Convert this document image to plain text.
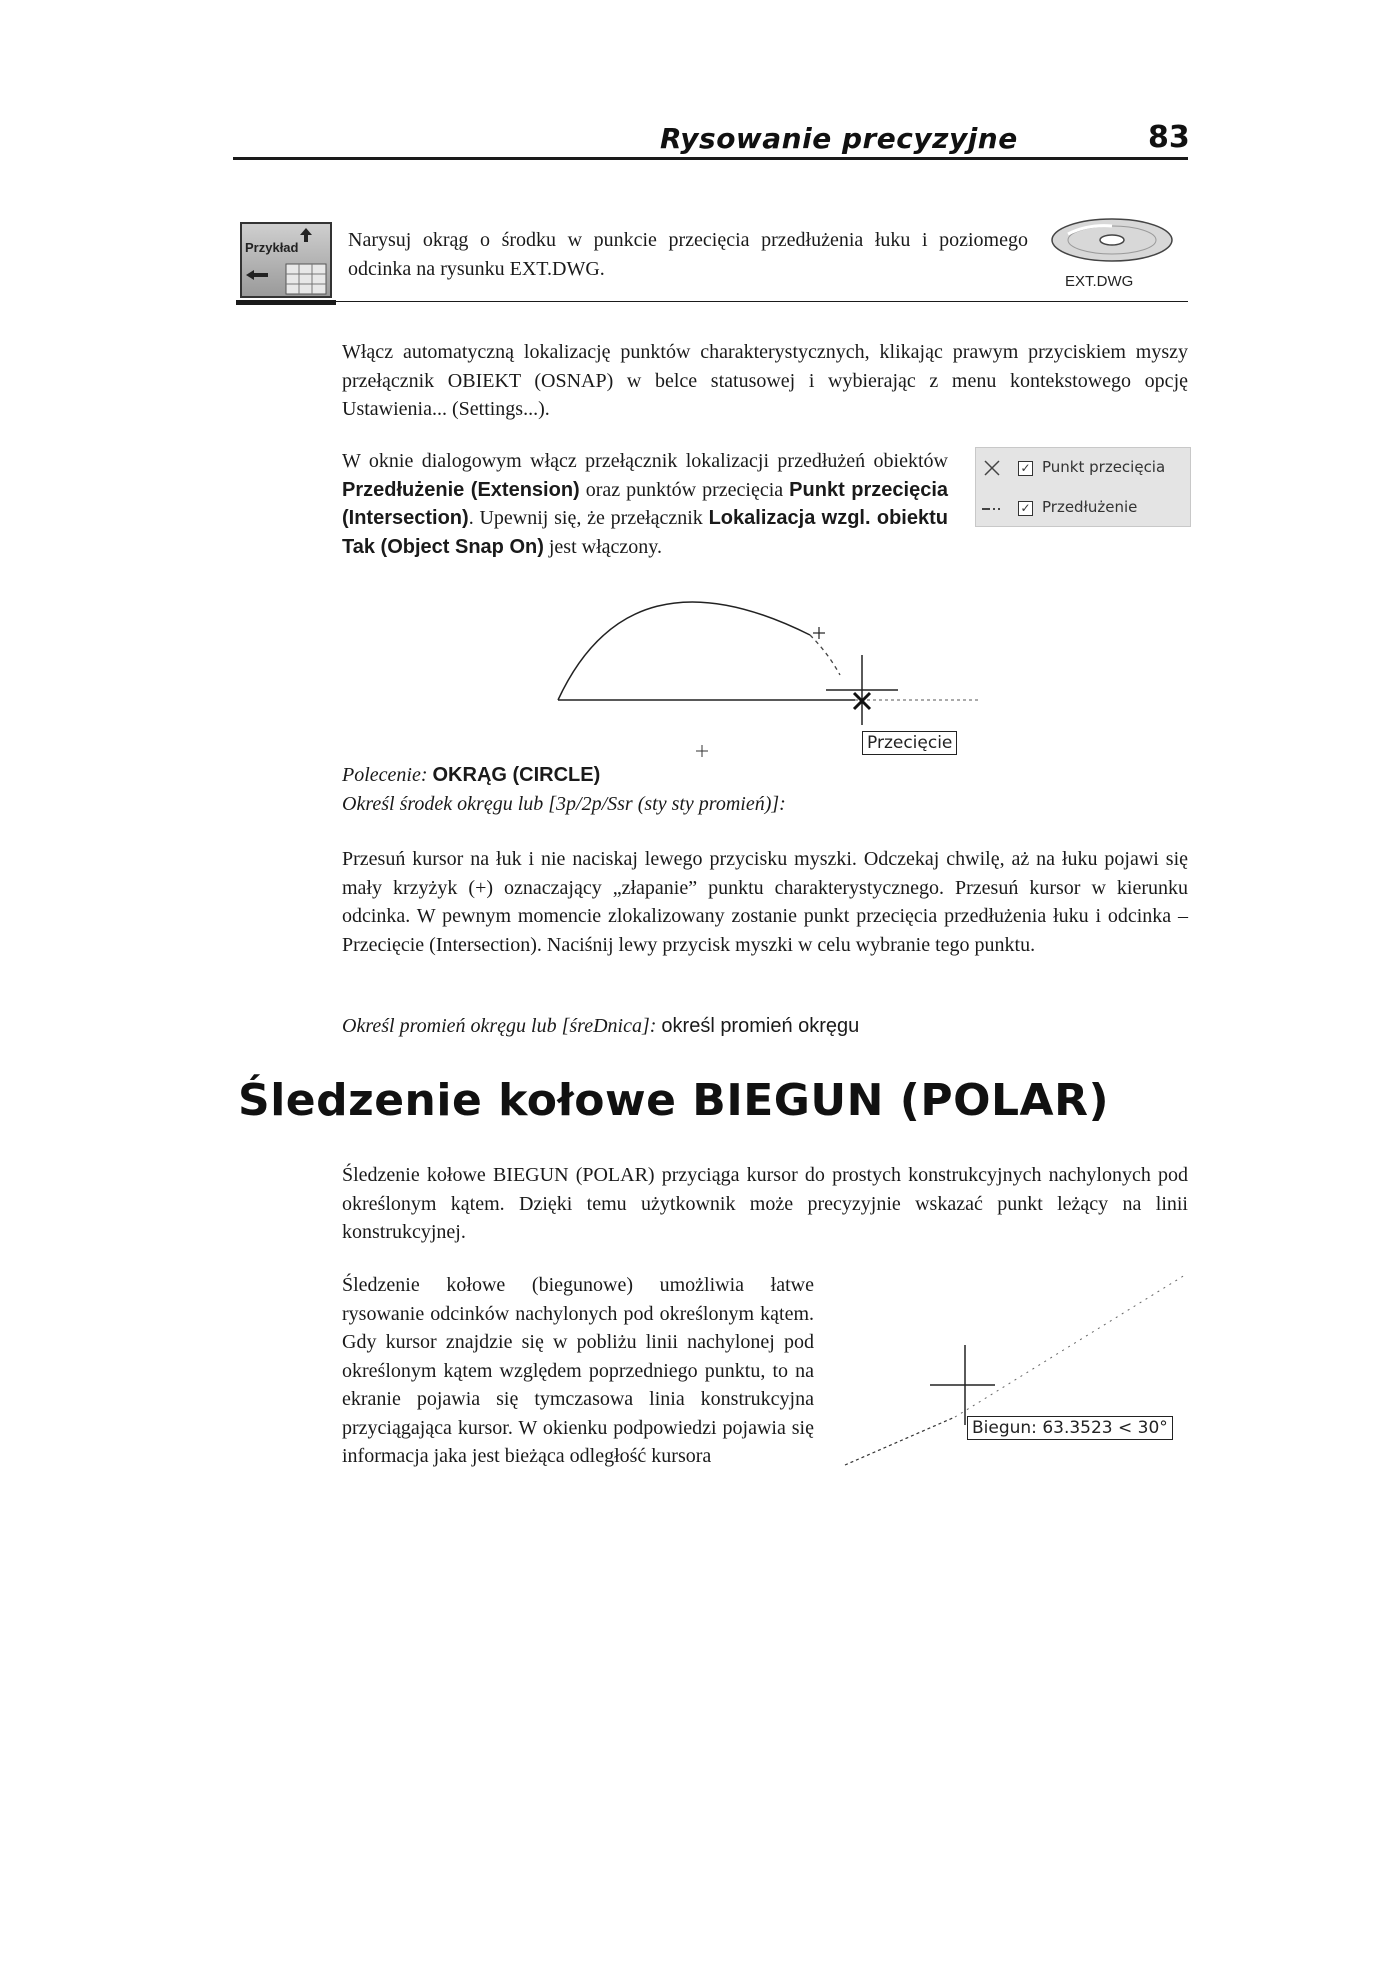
Rysowanie precyzyjne	83
Przykład Narysuj okrąg o środku w punkcie przecięcia przedłużenia łuku i poziomego odcinka na rysunku EXT.DWG.
EXT.DWG
Włącz automatyczną lokalizację punktów charakterystycznych, klikając prawym przyciskiem myszy przełącznik OBIEKT (OSNAP) w belce statusowej i wybierając z menu kontekstowego opcję Ustawienia... (Settings...).
W oknie dialogowym włącz przełącznik lokalizacji przedłużeń obiektów Przedłużenie (Extension) oraz punktów przecięcia Punkt przecięcia (Intersection). Upewnij się, że przełącznik Lokalizacja wzgl. obiektu Tak (Object Snap On) jest włączony.
✓ Punkt przecięcia
✓ Przedłużenie
Przecięcie
Polecenie: OKRĄG (CIRCLE)
Określ środek okręgu lub [3p/2p/Ssr (sty sty promień)]:
Przesuń kursor na łuk i nie naciskaj lewego przycisku myszki. Odczekaj chwilę, aż na łuku pojawi się mały krzyżyk (+) oznaczający „złapanie” punktu charakterystycznego. Przesuń kursor w kierunku odcinka. W pewnym momencie zlokalizowany zostanie punkt przecięcia przedłużenia łuku i odcinka – Przecięcie (Intersection). Naciśnij lewy przycisk myszki w celu wybranie tego punktu.
Określ promień okręgu lub [śreDnica]: określ promień okręgu
Śledzenie kołowe BIEGUN (POLAR)
Śledzenie kołowe BIEGUN (POLAR) przyciąga kursor do prostych konstrukcyjnych nachylonych pod określonym kątem. Dzięki temu użytkownik może precyzyjnie wskazać punkt leżący na linii konstrukcyjnej.
Śledzenie kołowe (biegunowe) umożliwia łatwe rysowanie odcinków nachylonych pod określonym kątem. Gdy kursor znajdzie się w pobliżu linii nachylonej pod określonym kątem względem poprzedniego punktu, to na ekranie pojawia się tymczasowa linia konstrukcyjna przyciągająca kursor. W okienku podpowiedzi pojawia się informacja jaka jest bieżąca odległość kursora
Biegun: 63.3523 < 30°
